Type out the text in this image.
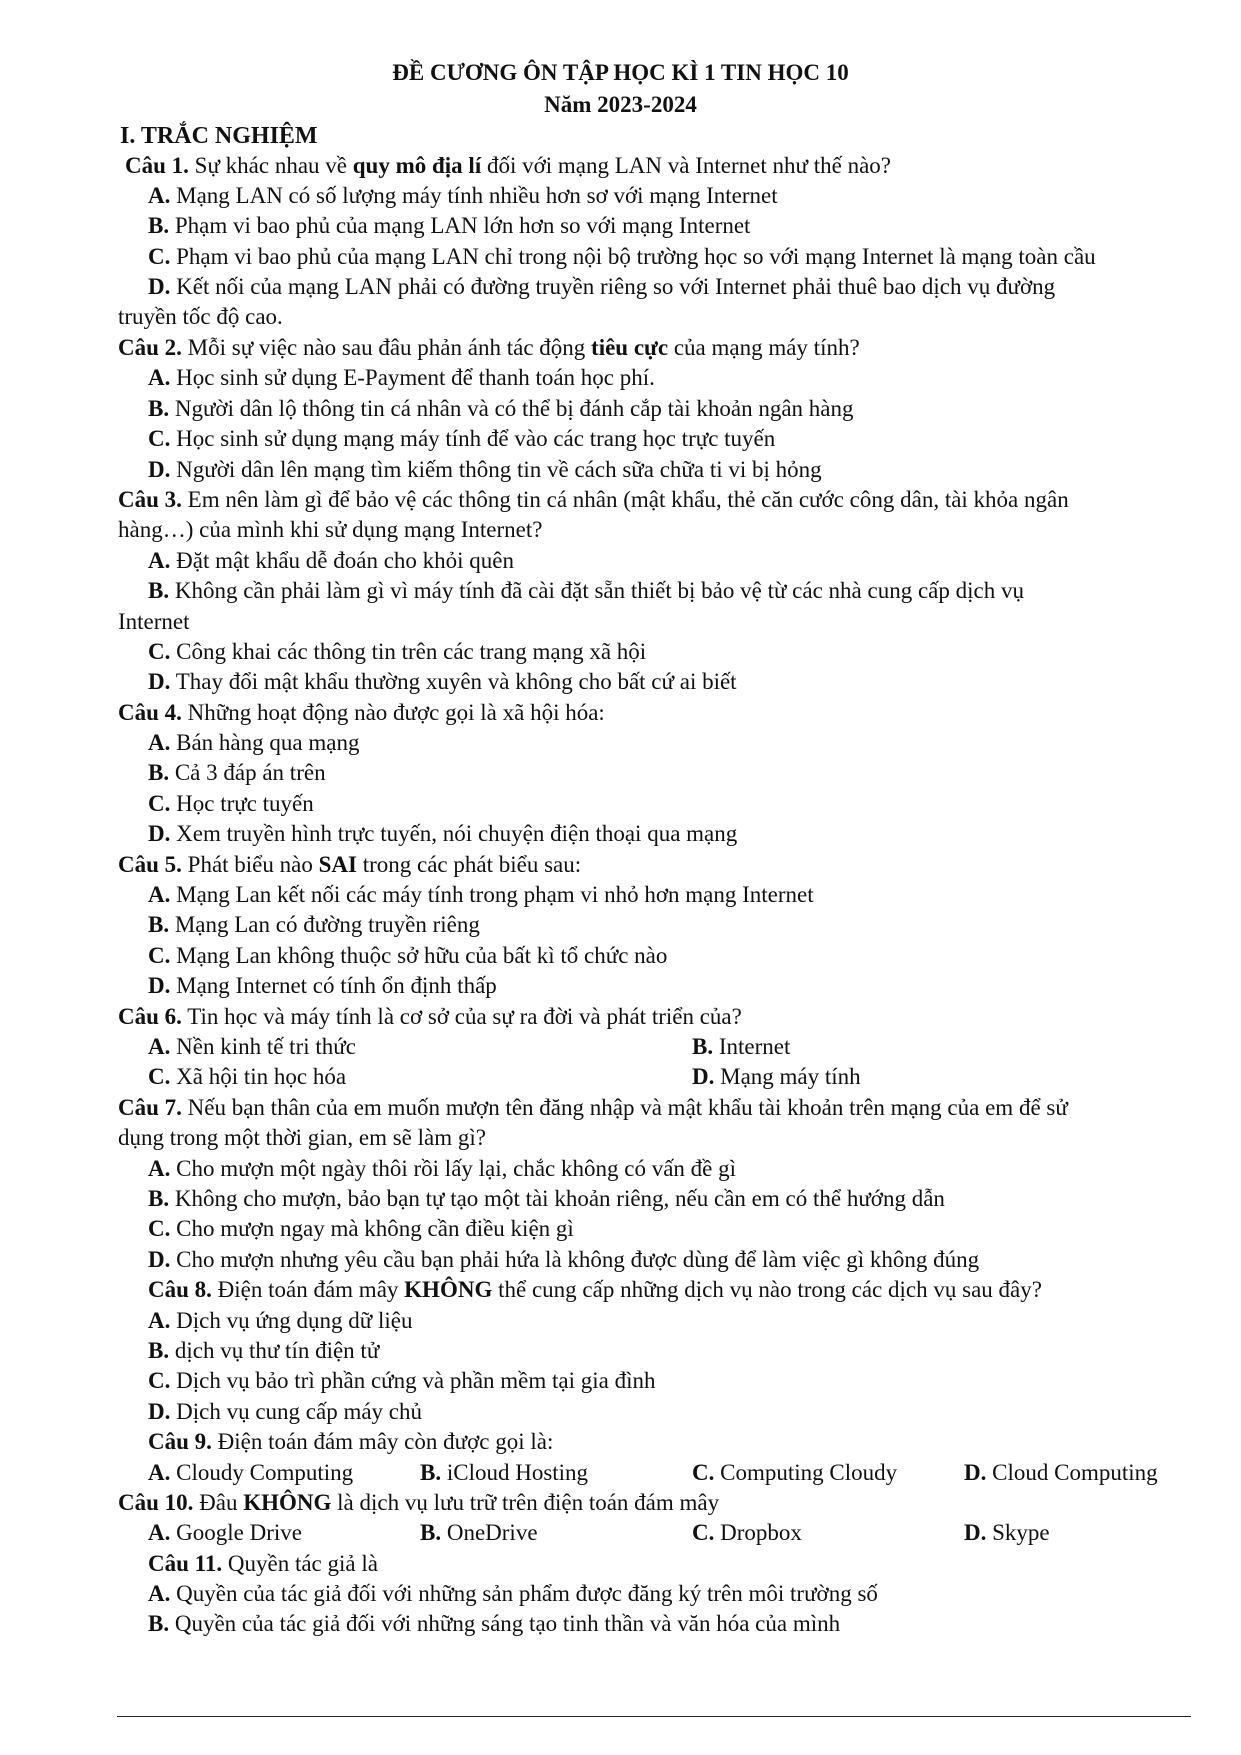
ĐỀ CƯƠNG ÔN TẬP HỌC KÌ 1 TIN HỌC 10
Năm 2023-2024
I. TRẮC NGHIỆM
Câu 1. Sự khác nhau về quy mô địa lí đối với mạng LAN và Internet như thế nào?
A. Mạng LAN có số lượng máy tính nhiều hơn sơ với mạng Internet
B. Phạm vi bao phủ của mạng LAN lớn hơn so với mạng Internet
C. Phạm vi bao phủ của mạng LAN chỉ trong nội bộ trường học so với mạng Internet là mạng toàn cầu
D. Kết nối của mạng LAN phải có đường truyền riêng so với Internet phải thuê bao dịch vụ đường
truyền tốc độ cao.
Câu 2. Mỗi sự việc nào sau đâu phản ánh tác động tiêu cực của mạng máy tính?
A. Học sinh sử dụng E-Payment để thanh toán học phí.
B. Người dân lộ thông tin cá nhân và có thể bị đánh cắp tài khoản ngân hàng
C. Học sinh sử dụng mạng máy tính để vào các trang học trực tuyến
D. Người dân lên mạng tìm kiếm thông tin về cách sữa chữa ti vi bị hỏng
Câu 3. Em nên làm gì để bảo vệ các thông tin cá nhân (mật khẩu, thẻ căn cước công dân, tài khỏa ngân
hàng…) của mình khi sử dụng mạng Internet?
A. Đặt mật khẩu dễ đoán cho khỏi quên
B. Không cần phải làm gì vì máy tính đã cài đặt sẵn thiết bị bảo vệ từ các nhà cung cấp dịch vụ
Internet
C. Công khai các thông tin trên các trang mạng xã hội
D. Thay đổi mật khẩu thường xuyên và không cho bất cứ ai biết
Câu 4. Những hoạt động nào được gọi là xã hội hóa:
A. Bán hàng qua mạng
B. Cả 3 đáp án trên
C. Học trực tuyến
D. Xem truyền hình trực tuyến, nói chuyện điện thoại qua mạng
Câu 5. Phát biểu nào SAI trong các phát biểu sau:
A. Mạng Lan kết nối các máy tính trong phạm vi nhỏ hơn mạng Internet
B. Mạng Lan có đường truyền riêng
C. Mạng Lan không thuộc sở hữu của bất kì tổ chức nào
D. Mạng Internet có tính ổn định thấp
Câu 6. Tin học và máy tính là cơ sở của sự ra đời và phát triển của?
A. Nền kinh tế tri thức	B. Internet
C. Xã hội tin học hóa	D. Mạng máy tính
Câu 7. Nếu bạn thân của em muốn mượn tên đăng nhập và mật khẩu tài khoản trên mạng của em để sử
dụng trong một thời gian, em sẽ làm gì?
A. Cho mượn một ngày thôi rồi lấy lại, chắc không có vấn đề gì
B. Không cho mượn, bảo bạn tự tạo một tài khoản riêng, nếu cần em có thể hướng dẫn
C. Cho mượn ngay mà không cần điều kiện gì
D. Cho mượn nhưng yêu cầu bạn phải hứa là không được dùng để làm việc gì không đúng
Câu 8. Điện toán đám mây KHÔNG thể cung cấp những dịch vụ nào trong các dịch vụ sau đây?
A. Dịch vụ ứng dụng dữ liệu
B. dịch vụ thư tín điện tử
C. Dịch vụ bảo trì phần cứng và phần mềm tại gia đình
D. Dịch vụ cung cấp máy chủ
Câu 9. Điện toán đám mây còn được gọi là:
A. Cloudy Computing	B. iCloud Hosting	C. Computing Cloudy	D. Cloud Computing
Câu 10. Đâu KHÔNG là dịch vụ lưu trữ trên điện toán đám mây
A. Google Drive	B. OneDrive	C. Dropbox	D. Skype
Câu 11. Quyền tác giả là
A. Quyền của tác giả đối với những sản phẩm được đăng ký trên môi trường số
B. Quyền của tác giả đối với những sáng tạo tinh thần và văn hóa của mình
